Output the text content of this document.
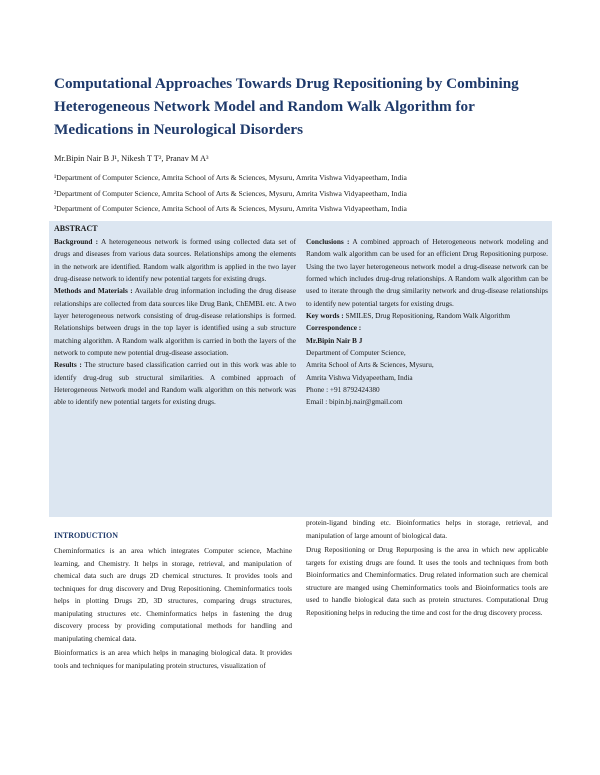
Computational Approaches Towards Drug Repositioning by Combining
Heterogeneous Network Model and Random Walk Algorithm for
Medications in Neurological Disorders
Mr.Bipin Nair B J¹, Nikesh T T², Pranav M A³
¹Department of Computer Science, Amrita School of Arts & Sciences, Mysuru, Amrita Vishwa Vidyapeetham, India
²Department of Computer Science, Amrita School of Arts & Sciences, Mysuru, Amrita Vishwa Vidyapeetham, India
³Department of Computer Science, Amrita School of Arts & Sciences, Mysuru, Amrita Vishwa Vidyapeetham, India
ABSTRACT

Background : A heterogeneous network is formed using collected data set of drugs and diseases from various data sources. Relationships among the elements in the network are identified. Random walk algorithm is applied in the two layer drug-disease network to identify new potential targets for existing drugs.

Methods and Materials : Available drug information including the drug disease relationships are collected from data sources like Drug Bank, ChEMBL etc. A two layer heterogeneous network consisting of drug-disease relationships is formed. Relationships between drugs in the top layer is identified using a sub structure matching algorithm. A Random walk algorithm is carried in both the layers of the network to compute new potential drug-disease association.

Results : The structure based classification carried out in this work was able to identify drug-drug sub structural similarities. A combined approach of Heterogeneous Network model and Random walk algorithm on this network was able to identify new potential targets for existing drugs.

Conclusions : A combined approach of Heterogeneous network modeling and Random walk algorithm can be used for an efficient Drug Repositioning purpose. Using the two layer heterogeneous network model a drug-disease network can be formed which includes drug-drug relationships. A Random walk algorithm can be used to iterate through the drug similarity network and drug-disease relationships to identify new potential targets for existing drugs.

Key words : SMILES, Drug Repositioning, Random Walk Algorithm

Correspondence :

Mr.Bipin Nair B J

Department of Computer Science,
Amrita School of Arts & Sciences, Mysuru,
Amrita Vishwa Vidyapeetham, India
Phone : +91 8792424380
Email : bipin.bj.nair@gmail.com
INTRODUCTION

Cheminformatics is an area which integrates Computer science, Machine learning, and Chemistry. It helps in storage, retrieval, and manipulation of chemical data such are drugs 2D chemical structures. It provides tools and techniques for drug discovery and Drug Repositioning. Cheminformatics tools helps in plotting Drugs 2D, 3D structures, comparing drugs structures, manipulating structures etc. Cheminformatics helps in fastening the drug discovery process by providing computational methods for handling and manipulating chemical data.

Bioinformatics is an area which helps in managing biological data. It provides tools and techniques for manipulating protein structures, visualization of

protein-ligand binding etc. Bioinformatics helps in storage, retrieval, and manipulation of large amount of biological data.

Drug Repositioning or Drug Repurposing is the area in which new applicable targets for existing drugs are found. It uses the tools and techniques from both Bioinformatics and Cheminformatics. Drug related information such are chemical structure are manged using Cheminformatics tools and Bioinformatics tools are used to handle biological data such as protein structures. Computational Drug Repositioning helps in reducing the time and cost for the drug discovery process.
